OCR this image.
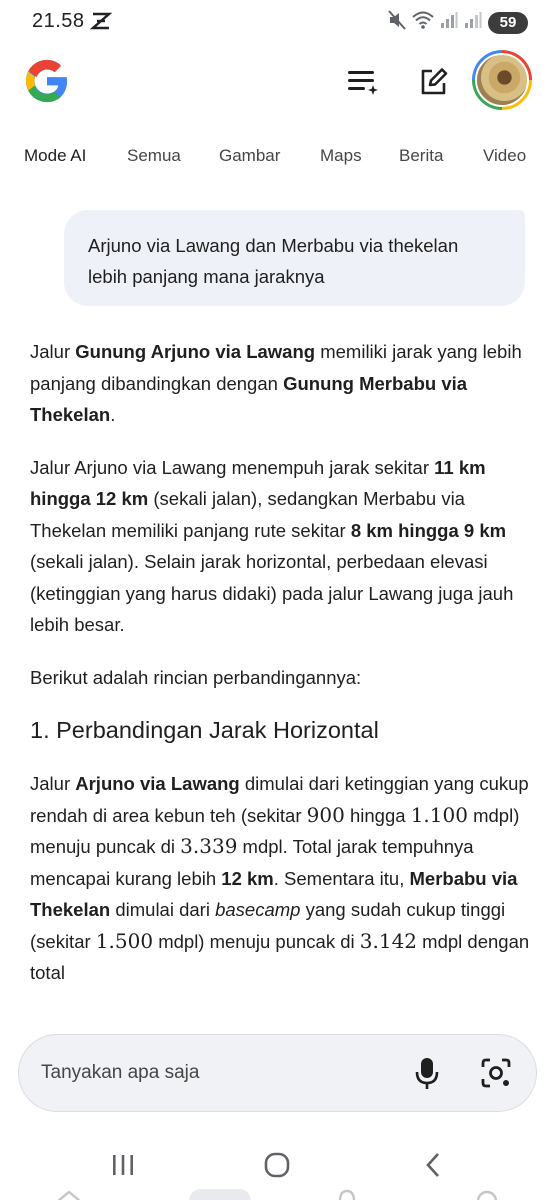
21.58	59
Mode AI Semua Gambar Maps Berita Video
Arjuno via Lawang dan Merbabu via thekelan lebih panjang mana jaraknya

Jalur Gunung Arjuno via Lawang memiliki jarak yang lebih panjang dibandingkan dengan Gunung Merbabu via Thekelan.

Jalur Arjuno via Lawang menempuh jarak sekitar 11 km hingga 12 km (sekali jalan), sedangkan Merbabu via Thekelan memiliki panjang rute sekitar 8 km hingga 9 km (sekali jalan). Selain jarak horizontal, perbedaan elevasi (ketinggian yang harus didaki) pada jalur Lawang juga jauh lebih besar.

Berikut adalah rincian perbandingannya:

1. Perbandingan Jarak Horizontal

Jalur Arjuno via Lawang dimulai dari ketinggian yang cukup rendah di area kebun teh (sekitar 900 hingga 1.100 mdpl) menuju puncak di 3.339 mdpl. Total jarak tempuhnya mencapai kurang lebih 12 km. Sementara itu, Merbabu via Thekelan dimulai dari basecamp yang sudah cukup tinggi (sekitar 1.500 mdpl) menuju puncak di 3.142 mdpl dengan total

Tanyakan apa saja
